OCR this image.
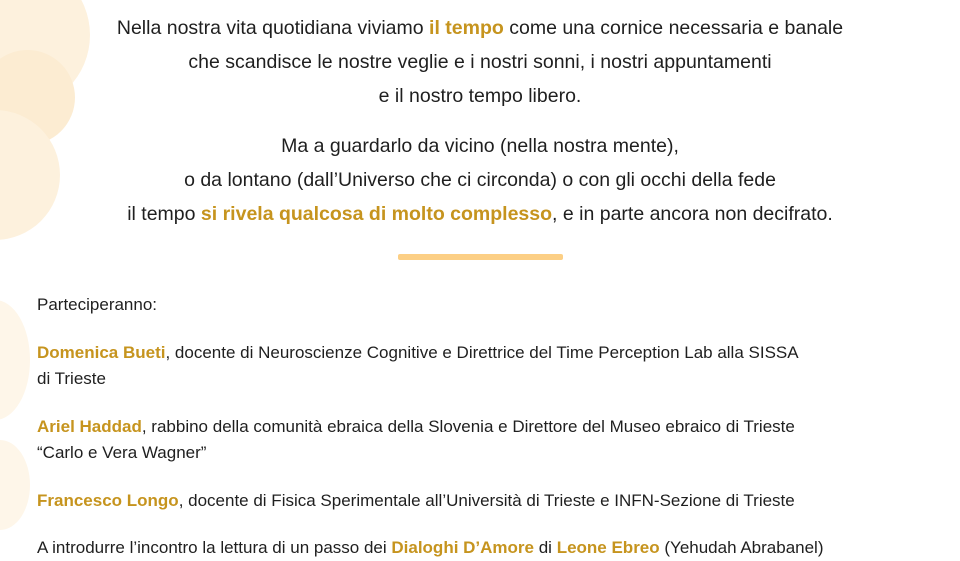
Nella nostra vita quotidiana viviamo il tempo come una cornice necessaria e banale
che scandisce le nostre veglie e i nostri sonni, i nostri appuntamenti
e il nostro tempo libero.

Ma a guardarlo da vicino (nella nostra mente),
o da lontano (dall’Universo che ci circonda) o con gli occhi della fede
il tempo si rivela qualcosa di molto complesso, e in parte ancora non decifrato.

Parteciperanno:

Domenica Bueti, docente di Neuroscienze Cognitive e Direttrice del Time Perception Lab alla SISSA
di Trieste

Ariel Haddad, rabbino della comunità ebraica della Slovenia e Direttore del Museo ebraico di Trieste
“Carlo e Vera Wagner”

Francesco Longo, docente di Fisica Sperimentale all’Università di Trieste e INFN-Sezione di Trieste

A introdurre l’incontro la lettura di un passo dei Dialoghi D’Amore di Leone Ebreo (Yehudah Abrabanel)
